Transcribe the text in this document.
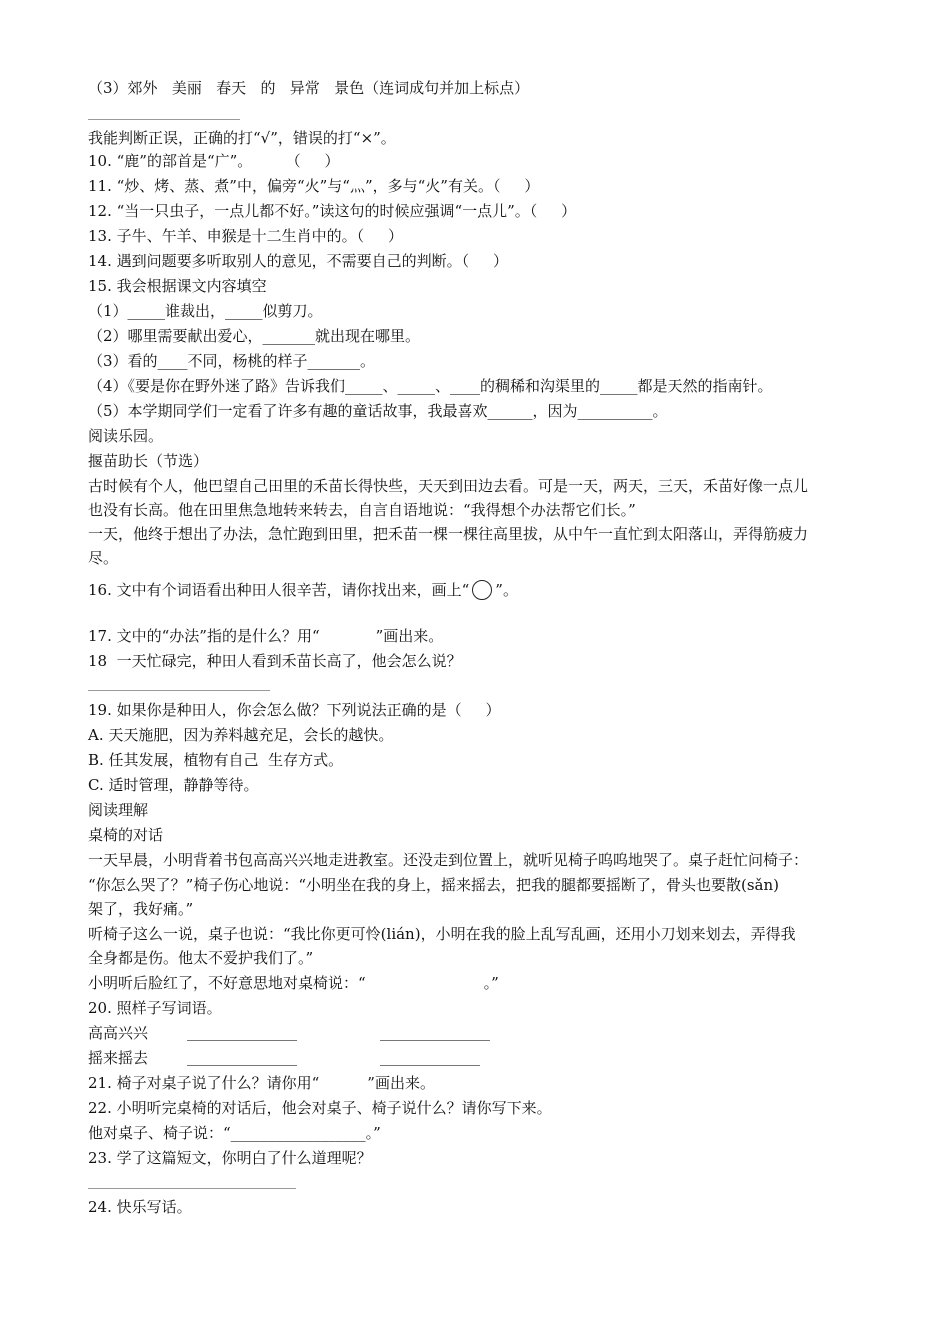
（3）郊外   美丽   春天   的   异常   景色（连词成句并加上标点）
我能判断正误，正确的打“√”，错误的打“×”。
10. “鹿”的部首是“广”。       （     ）
11. “炒、烤、蒸、煮”中，偏旁“火”与“灬”，多与“火”有关。（     ）
12. “当一只虫子，一点儿都不好。”读这句的时候应强调“一点儿”。（     ）
13. 子牛、午羊、申猴是十二生肖中的。（     ）
14. 遇到问题要多听取别人的意见，不需要自己的判断。（     ）
15. 我会根据课文内容填空
（1）_____谁裁出，_____似剪刀。
（2）哪里需要献出爱心，_______就出现在哪里。
（3）看的____不同，杨桃的样子_______。
（4）《要是你在野外迷了路》告诉我们_____、_____、____的稠稀和沟渠里的_____都是天然的指南针。
（5）本学期同学们一定看了许多有趣的童话故事，我最喜欢______，因为__________。
阅读乐园。
揠苗助长（节选）
古时候有个人，他巴望自己田里的禾苗长得快些，天天到田边去看。可是一天，两天，三天，禾苗好像一点儿
也没有长高。他在田里焦急地转来转去，自言自语地说：“我得想个办法帮它们长。”
一天，他终于想出了办法，急忙跑到田里，把禾苗一棵一棵往高里拔，从中午一直忙到太阳落山，弄得筋疲力
尽。
16. 文中有个词语看出种田人很辛苦，请你找出来，画上“ ”。
17. 文中的“办法”指的是什么？用“	”画出来。
18  一天忙碌完，种田人看到禾苗长高了，他会怎么说？
19. 如果你是种田人，你会怎么做？下列说法正确的是（     ）
A. 天天施肥，因为养料越充足，会长的越快。
B. 任其发展，植物有自己  生存方式。
C. 适时管理，静静等待。
阅读理解
桌椅的对话
一天早晨，小明背着书包高高兴兴地走进教室。还没走到位置上，就听见椅子呜呜地哭了。桌子赶忙问椅子：
“你怎么哭了？”椅子伤心地说：“小明坐在我的身上，摇来摇去，把我的腿都要摇断了，骨头也要散(sǎn)
架了，我好痛。”
听椅子这么一说，桌子也说：“我比你更可怜(lián)，小明在我的脸上乱写乱画，还用小刀划来划去，弄得我
全身都是伤。他太不爱护我们了。”
小明听后脸红了，不好意思地对桌椅说：“	。”
20. 照样子写词语。
高高兴兴
摇来摇去
21. 椅子对桌子说了什么？请你用“	”画出来。
22. 小明听完桌椅的对话后，他会对桌子、椅子说什么？请你写下来。
他对桌子、椅子说：“__________________。”
23. 学了这篇短文，你明白了什么道理呢？
24. 快乐写话。
